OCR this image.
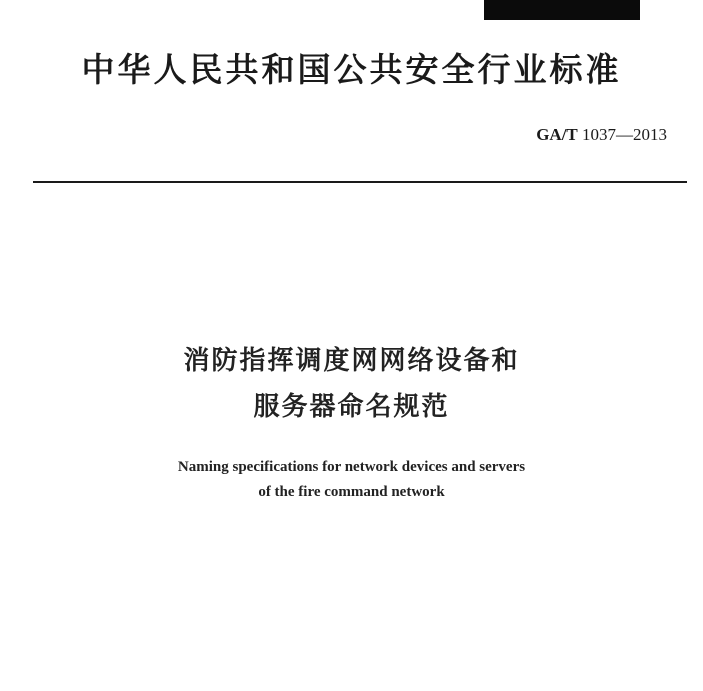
中华人民共和国公共安全行业标准
GA/T 1037—2013
消防指挥调度网网络设备和
服务器命名规范
Naming specifications for network devices and servers
of the fire command network
